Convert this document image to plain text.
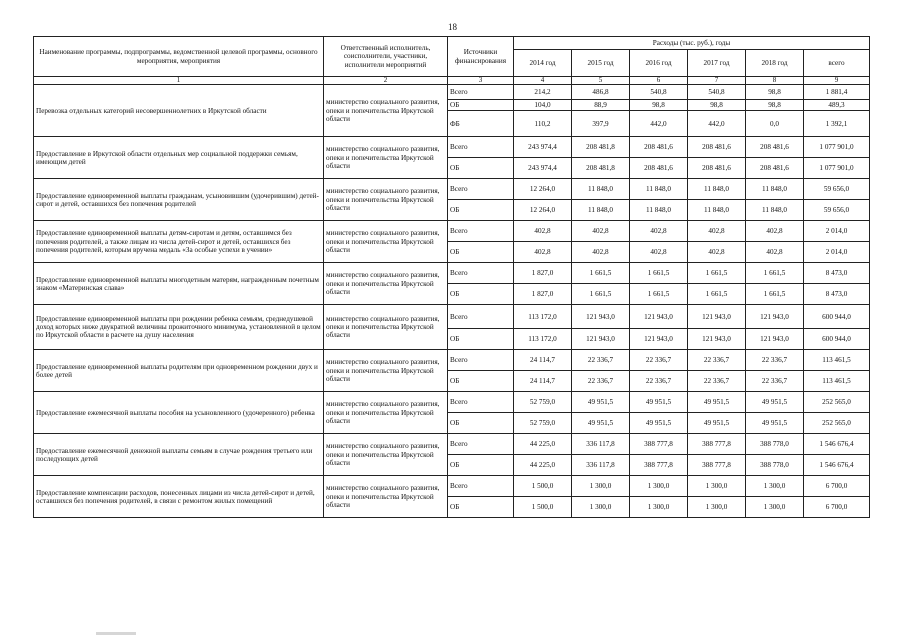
18
Наименование программы, подпрограммы, ведомственной целевой программы, основного мероприятия, мероприятия	Ответственный исполнитель, соисполнители, участники, исполнители мероприятий	Источники финансирования	Расходы (тыс. руб.), годы					
			2014 год	2015 год	2016 год	2017 год	2018 год	всего
1	2	3	4	5	6	7	8	9
Перевозка отдельных категорий несовершеннолетних в Иркутской области	министерство социального развития, опеки и попечительства Иркутской области	Всего	214,2	486,8	540,8	540,8	98,8	1 881,4
		ОБ	104,0	88,9	98,8	98,8	98,8	489,3
		ФБ	110,2	397,9	442,0	442,0	0,0	1 392,1
Предоставление в Иркутской области отдельных мер социальной поддержки семьям, имеющим детей	министерство социального развития, опеки и попечительства Иркутской области	Всего	243 974,4	208 481,8	208 481,6	208 481,6	208 481,6	1 077 901,0
		ОБ	243 974,4	208 481,8	208 481,6	208 481,6	208 481,6	1 077 901,0
Предоставление единовременной выплаты гражданам, усыновившим (удочерившим) детей-сирот и детей, оставшихся без попечения родителей	министерство социального развития, опеки и попечительства Иркутской области	Всего	12 264,0	11 848,0	11 848,0	11 848,0	11 848,0	59 656,0
		ОБ	12 264,0	11 848,0	11 848,0	11 848,0	11 848,0	59 656,0
Предоставление единовременной выплаты детям-сиротам и детям, оставшимся без попечения родителей, а также лицам из числа детей-сирот и детей, оставшихся без попечения родителей, которым вручена медаль «За особые успехи в учении»	министерство социального развития, опеки и попечительства Иркутской области	Всего	402,8	402,8	402,8	402,8	402,8	2 014,0
		ОБ	402,8	402,8	402,8	402,8	402,8	2 014,0
Предоставление единовременной выплаты многодетным матерям, награжденным почетным знаком «Материнская слава»	министерство социального развития, опеки и попечительства Иркутской области	Всего	1 827,0	1 661,5	1 661,5	1 661,5	1 661,5	8 473,0
		ОБ	1 827,0	1 661,5	1 661,5	1 661,5	1 661,5	8 473,0
Предоставление единовременной выплаты при рождении ребенка семьям, среднедушевой доход которых ниже двукратной величины прожиточного минимума, установленной в целом по Иркутской области в расчете на душу населения	министерство социального развития, опеки и попечительства Иркутской области	Всего	113 172,0	121 943,0	121 943,0	121 943,0	121 943,0	600 944,0
		ОБ	113 172,0	121 943,0	121 943,0	121 943,0	121 943,0	600 944,0
Предоставление единовременной выплаты родителям при одновременном рождении двух и более детей	министерство социального развития, опеки и попечительства Иркутской области	Всего	24 114,7	22 336,7	22 336,7	22 336,7	22 336,7	113 461,5
		ОБ	24 114,7	22 336,7	22 336,7	22 336,7	22 336,7	113 461,5
Предоставление ежемесячной выплаты пособия на усыновленного (удочеренного) ребенка	министерство социального развития, опеки и попечительства Иркутской области	Всего	52 759,0	49 951,5	49 951,5	49 951,5	49 951,5	252 565,0
		ОБ	52 759,0	49 951,5	49 951,5	49 951,5	49 951,5	252 565,0
Предоставление ежемесячной денежной выплаты семьям в случае рождения третьего или последующих детей	министерство социального развития, опеки и попечительства Иркутской области	Всего	44 225,0	336 117,8	388 777,8	388 777,8	388 778,0	1 546 676,4
		ОБ	44 225,0	336 117,8	388 777,8	388 777,8	388 778,0	1 546 676,4
Предоставление компенсации расходов, понесенных лицами из числа детей-сирот и детей, оставшихся без попечения родителей, в связи с ремонтом жилых помещений	министерство социального развития, опеки и попечительства Иркутской области	Всего	1 500,0	1 300,0	1 300,0	1 300,0	1 300,0	6 700,0
		ОБ	1 500,0	1 300,0	1 300,0	1 300,0	1 300,0	6 700,0
